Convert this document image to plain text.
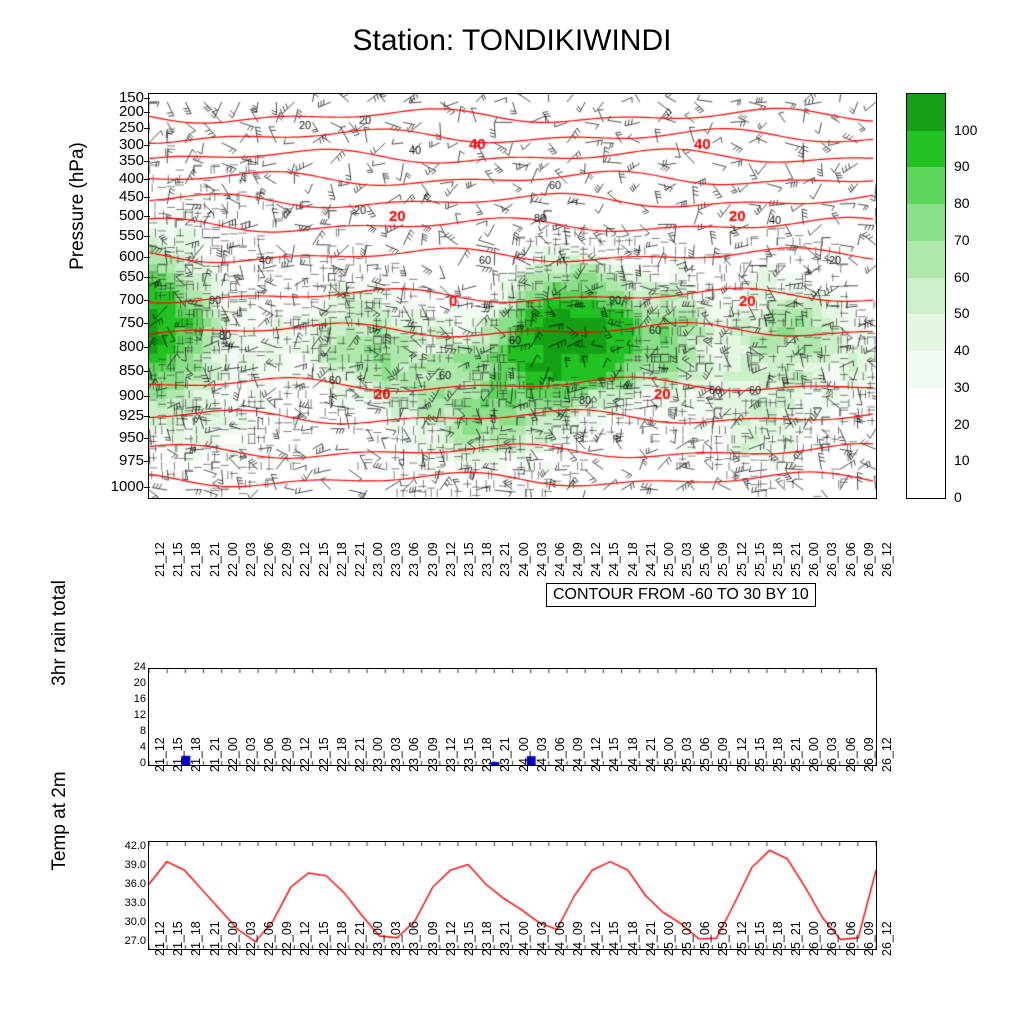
Station: TONDIKIWINDI
150
200
250
300
350
400
450
500
550
600
650
700
750
800
850
900
925
950
975
1000
Pressure (hPa)
21_12 21_15 21_18 21_21 22_00 22_03 22_06 22_09 22_12 22_15 22_18 22_21 23_00 23_03 23_06 23_09 23_12 23_15 23_18 23_21 24_00 24_03 24_06 24_09 24_12 24_15 24_18 24_21 25_00 25_03 25_06 25_09 25_12 25_15 25_18 25_21 26_00 26_03 26_06 26_09 26_12
CONTOUR FROM -60 TO 30 BY 10
100
90
80
70
60
50
40
30
20
10
0
24
20
16
12
8
4
0
3hr rain total
21_12 21_15 21_18 21_21 22_00 22_03 22_06 22_09 22_12 22_15 22_18 22_21 23_00 23_03 23_06 23_09 23_12 23_15 23_18 23_21 24_00 24_03 24_06 24_09 24_12 24_15 24_18 24_21 25_00 25_03 25_06 25_09 25_12 25_15 25_18 25_21 26_00 26_03 26_06 26_09 26_12
42.0
39.0
36.0
33.0
30.0
27.0
Temp at 2m
21_12 21_15 21_18 21_21 22_00 22_03 22_06 22_09 22_12 22_15 22_18 22_21 23_00 23_03 23_06 23_09 23_12 23_15 23_18 23_21 24_00 24_03 24_06 24_09 24_12 24_15 24_18 24_21 25_00 25_03 25_06 25_09 25_12 25_15 25_18 25_21 26_00 26_03 26_06 26_09 26_12
